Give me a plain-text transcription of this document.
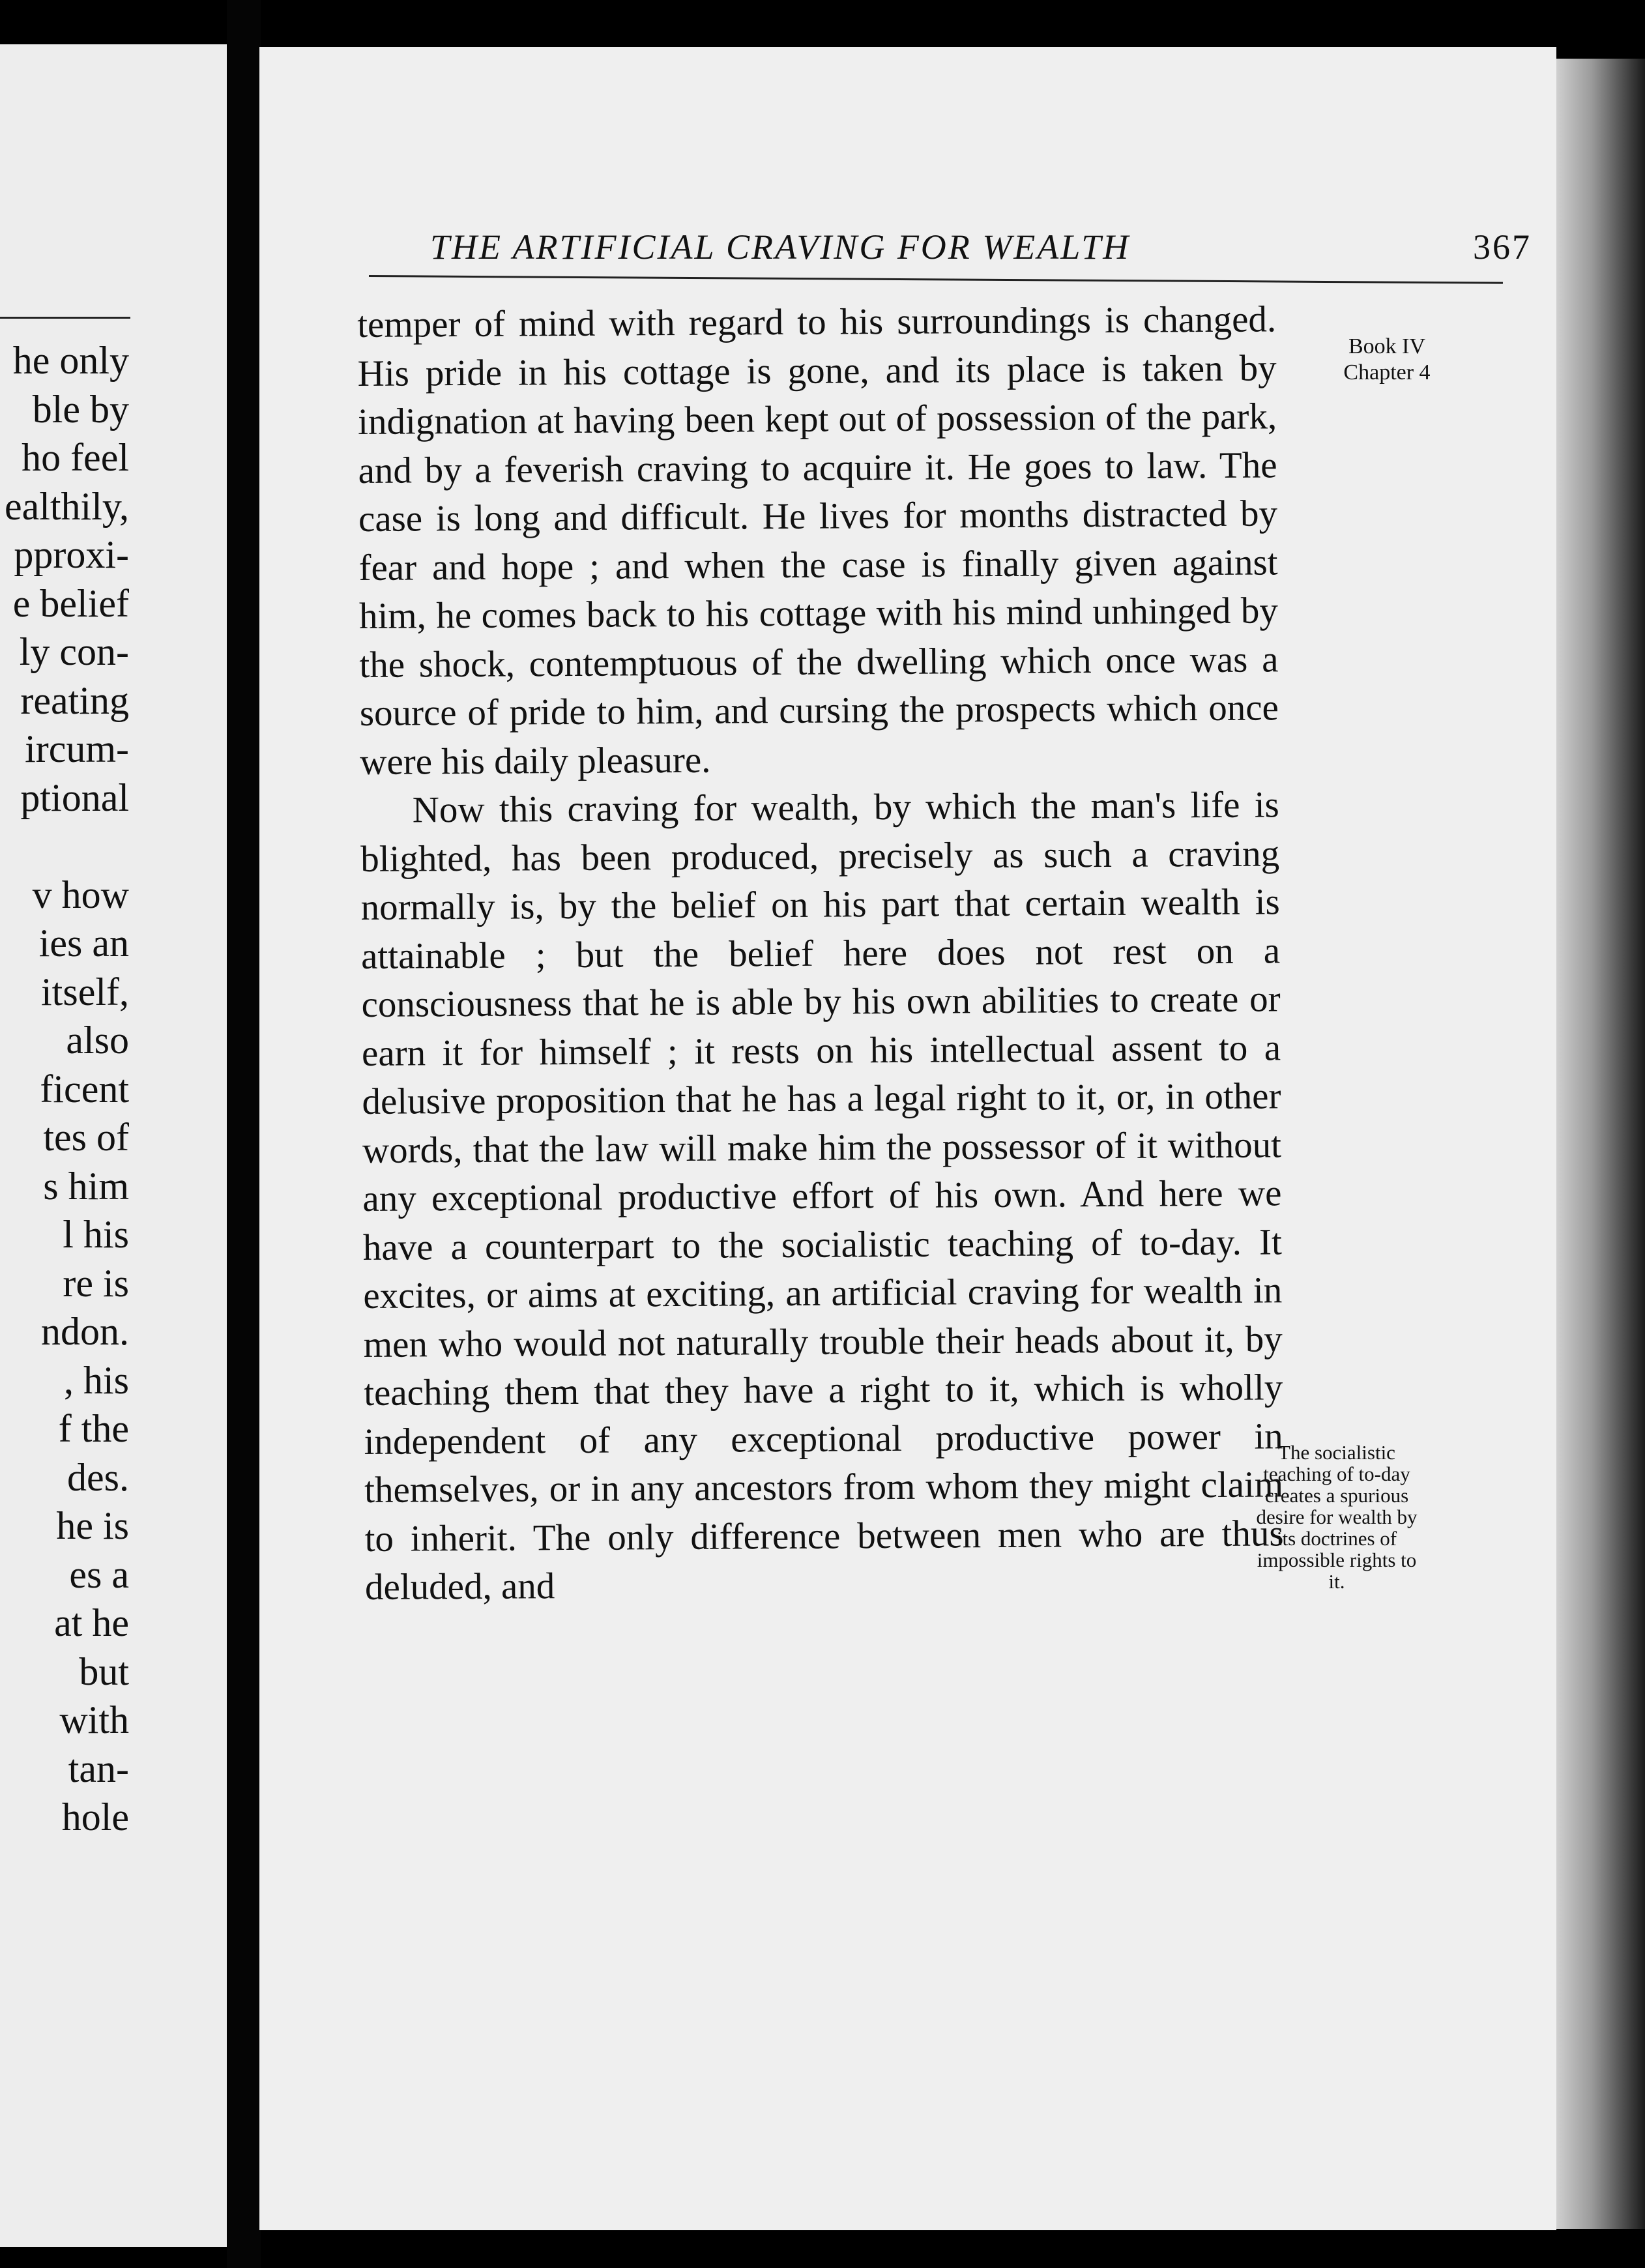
he only
ble by
ho feel
ealthily,
pproxi-
e belief
ly con-
reating
ircum-
ptional
v how
ies an
itself,
also
ficent
tes of
s him
l his
re is
ndon.
, his
f the
des.
he is
es a
at he
but
with
tan-
hole
THE ARTIFICIAL CRAVING FOR WEALTH	367

temper of mind with regard to his surroundings is changed. His pride in his cottage is gone, and its place is taken by indignation at having been kept out of possession of the park, and by a feverish craving to acquire it. He goes to law. The case is long and difficult. He lives for months distracted by fear and hope ; and when the case is finally given against him, he comes back to his cottage with his mind unhinged by the shock, contemptuous of the dwelling which once was a source of pride to him, and cursing the prospects which once were his daily pleasure.

Now this craving for wealth, by which the man's life is blighted, has been produced, precisely as such a craving normally is, by the belief on his part that certain wealth is attainable ; but the belief here does not rest on a consciousness that he is able by his own abilities to create or earn it for himself ; it rests on his intellectual assent to a delusive proposition that he has a legal right to it, or, in other words, that the law will make him the possessor of it without any exceptional productive effort of his own. And here we have a counterpart to the socialistic teaching of to-day. It excites, or aims at exciting, an artificial craving for wealth in men who would not naturally trouble their heads about it, by teaching them that they have a right to it, which is wholly independent of any exceptional productive power in themselves, or in any ancestors from whom they might claim to inherit. The only difference between men who are thus deluded, and

Book IV
Chapter 4
The socialistic teaching of to-day creates a spurious desire for wealth by its doctrines of impossible rights to it.
